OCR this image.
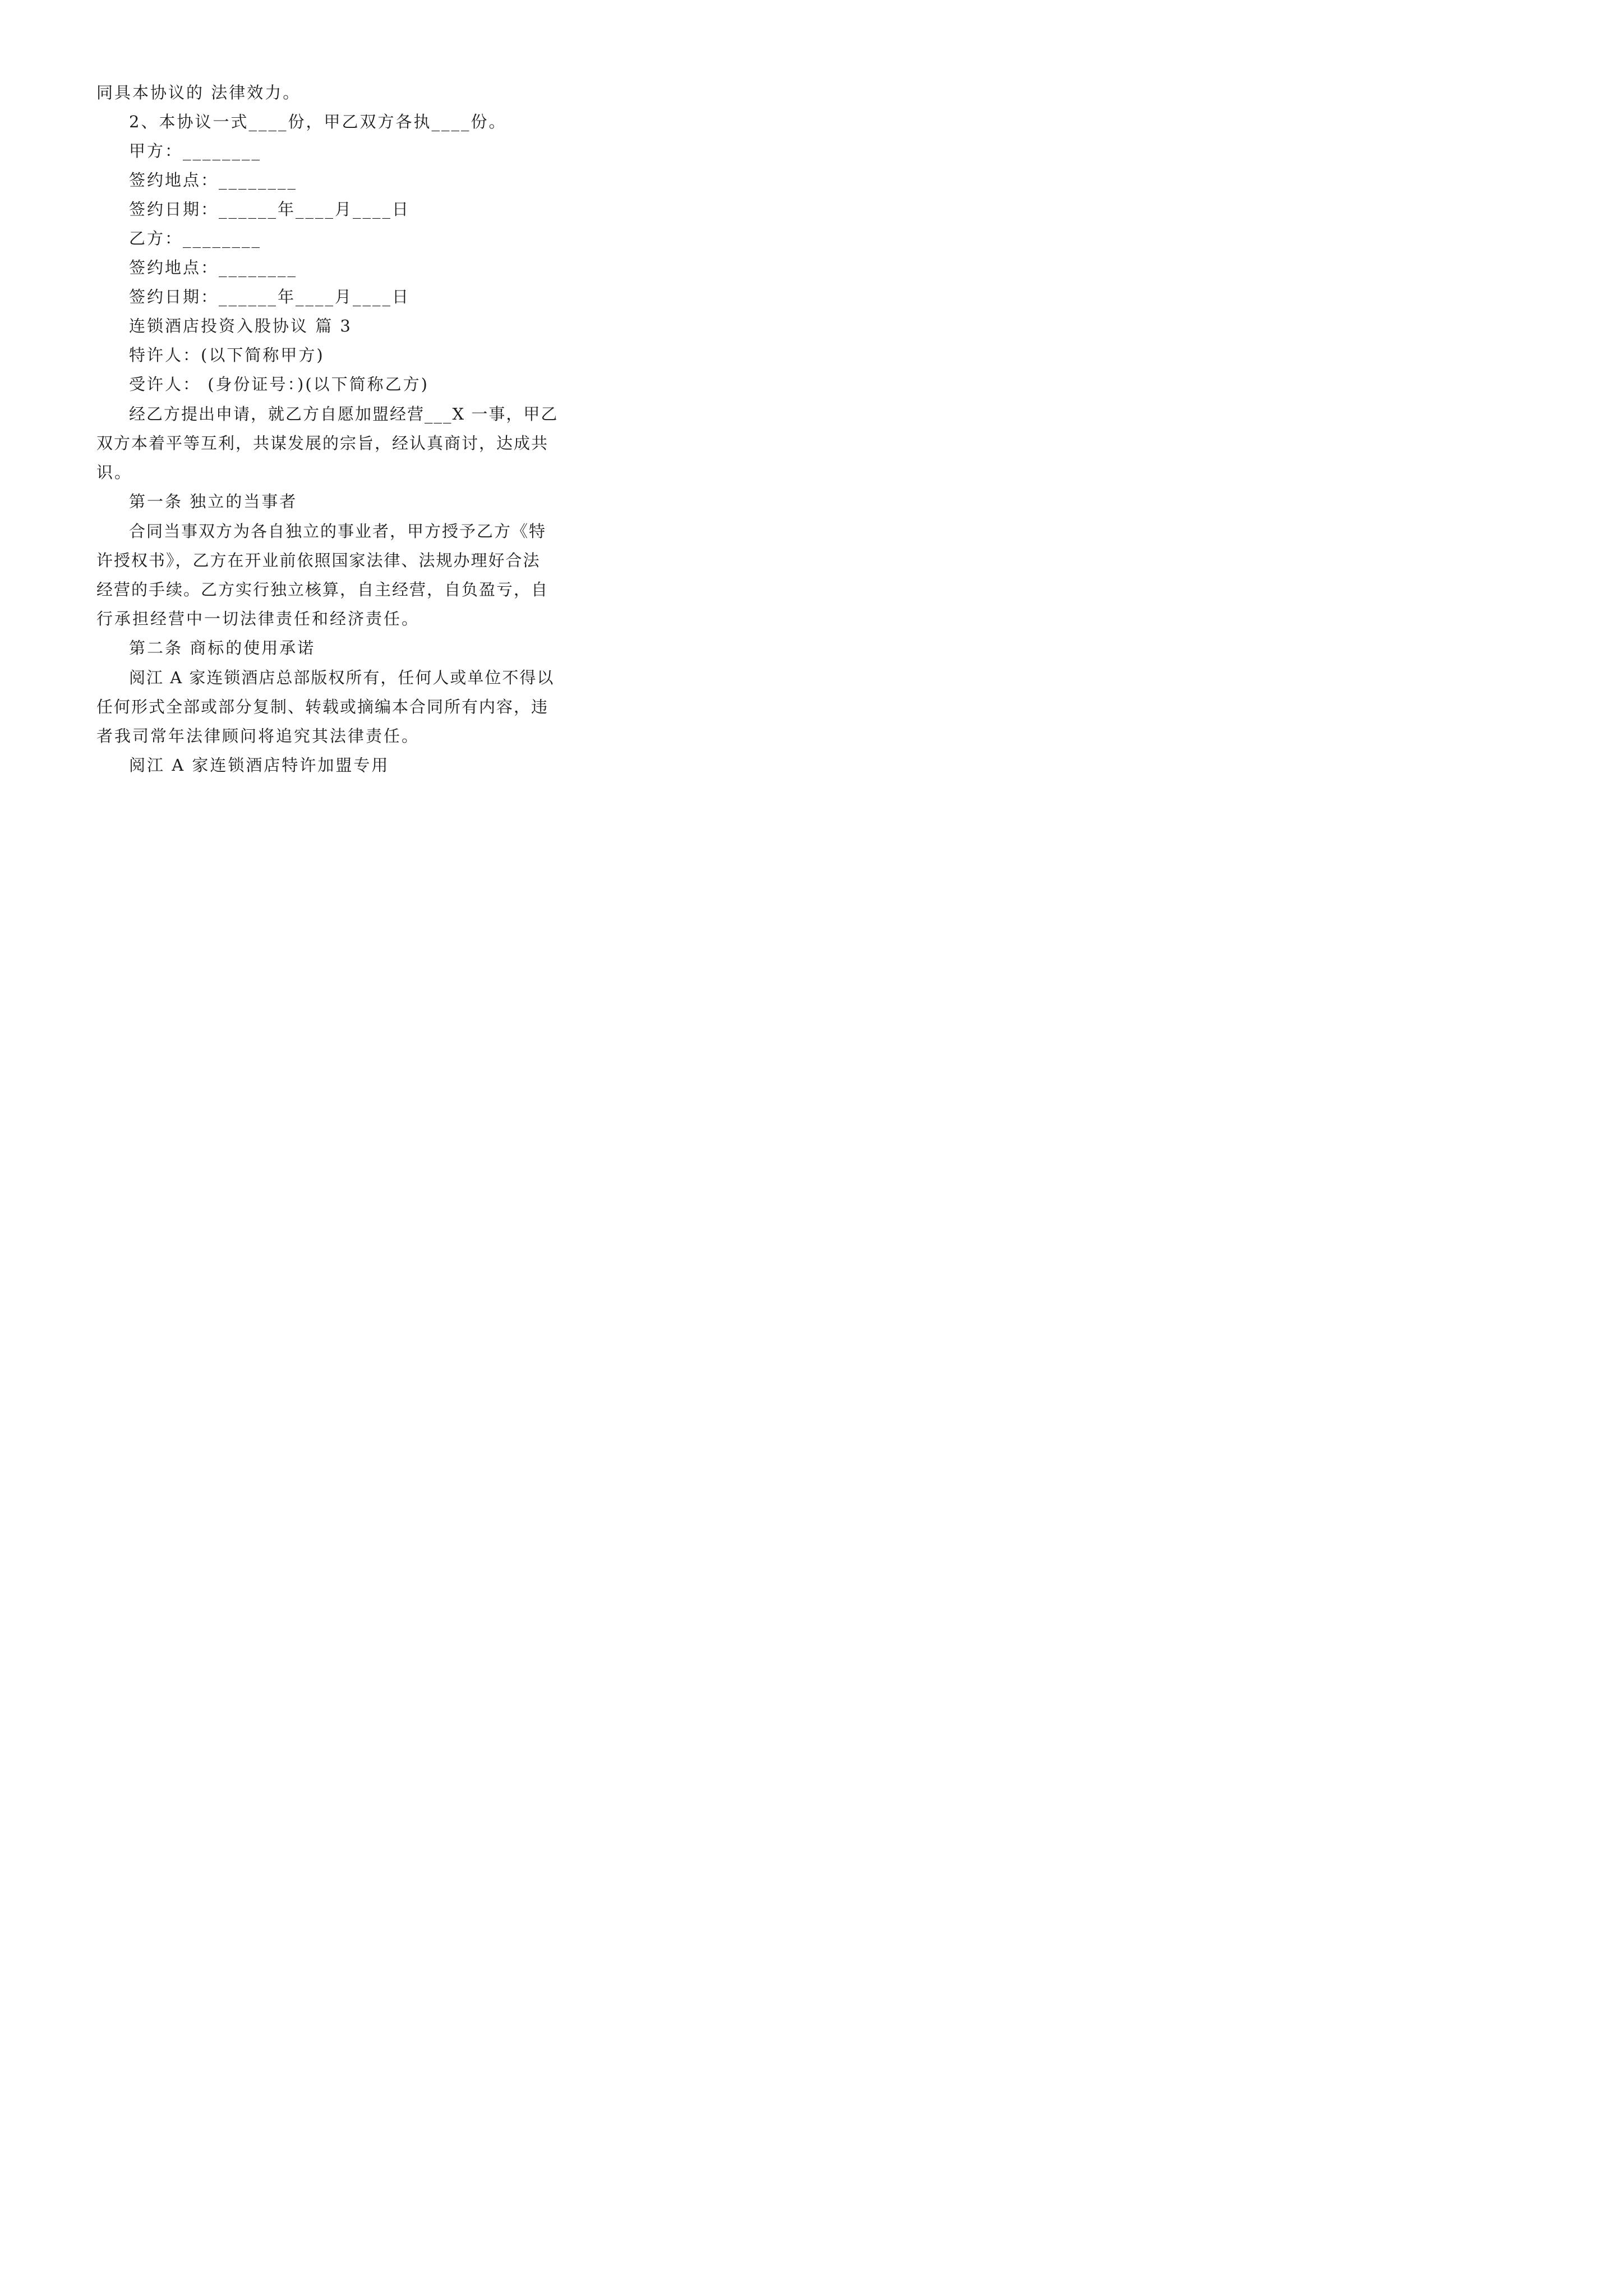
同具本协议的 法律效力。
2、本协议一式____份，甲乙双方各执____份。
甲方：________
签约地点：________
签约日期：______年____月____日
乙方：________
签约地点：________
签约日期：______年____月____日
连锁酒店投资入股协议 篇 3
特许人：(以下简称甲方)
受许人： (身份证号：)(以下简称乙方)
经乙方提出申请，就乙方自愿加盟经营___X 一事，甲乙
双方本着平等互利，共谋发展的宗旨，经认真商讨，达成共
识。
第一条 独立的当事者
合同当事双方为各自独立的事业者，甲方授予乙方《特
许授权书》，乙方在开业前依照国家法律、法规办理好合法
经营的手续。乙方实行独立核算，自主经营，自负盈亏，自
行承担经营中一切法律责任和经济责任。
第二条 商标的使用承诺
阅江 A 家连锁酒店总部版权所有，任何人或单位不得以
任何形式全部或部分复制、转载或摘编本合同所有内容，违
者我司常年法律顾问将追究其法律责任。
阅江 A 家连锁酒店特许加盟专用
